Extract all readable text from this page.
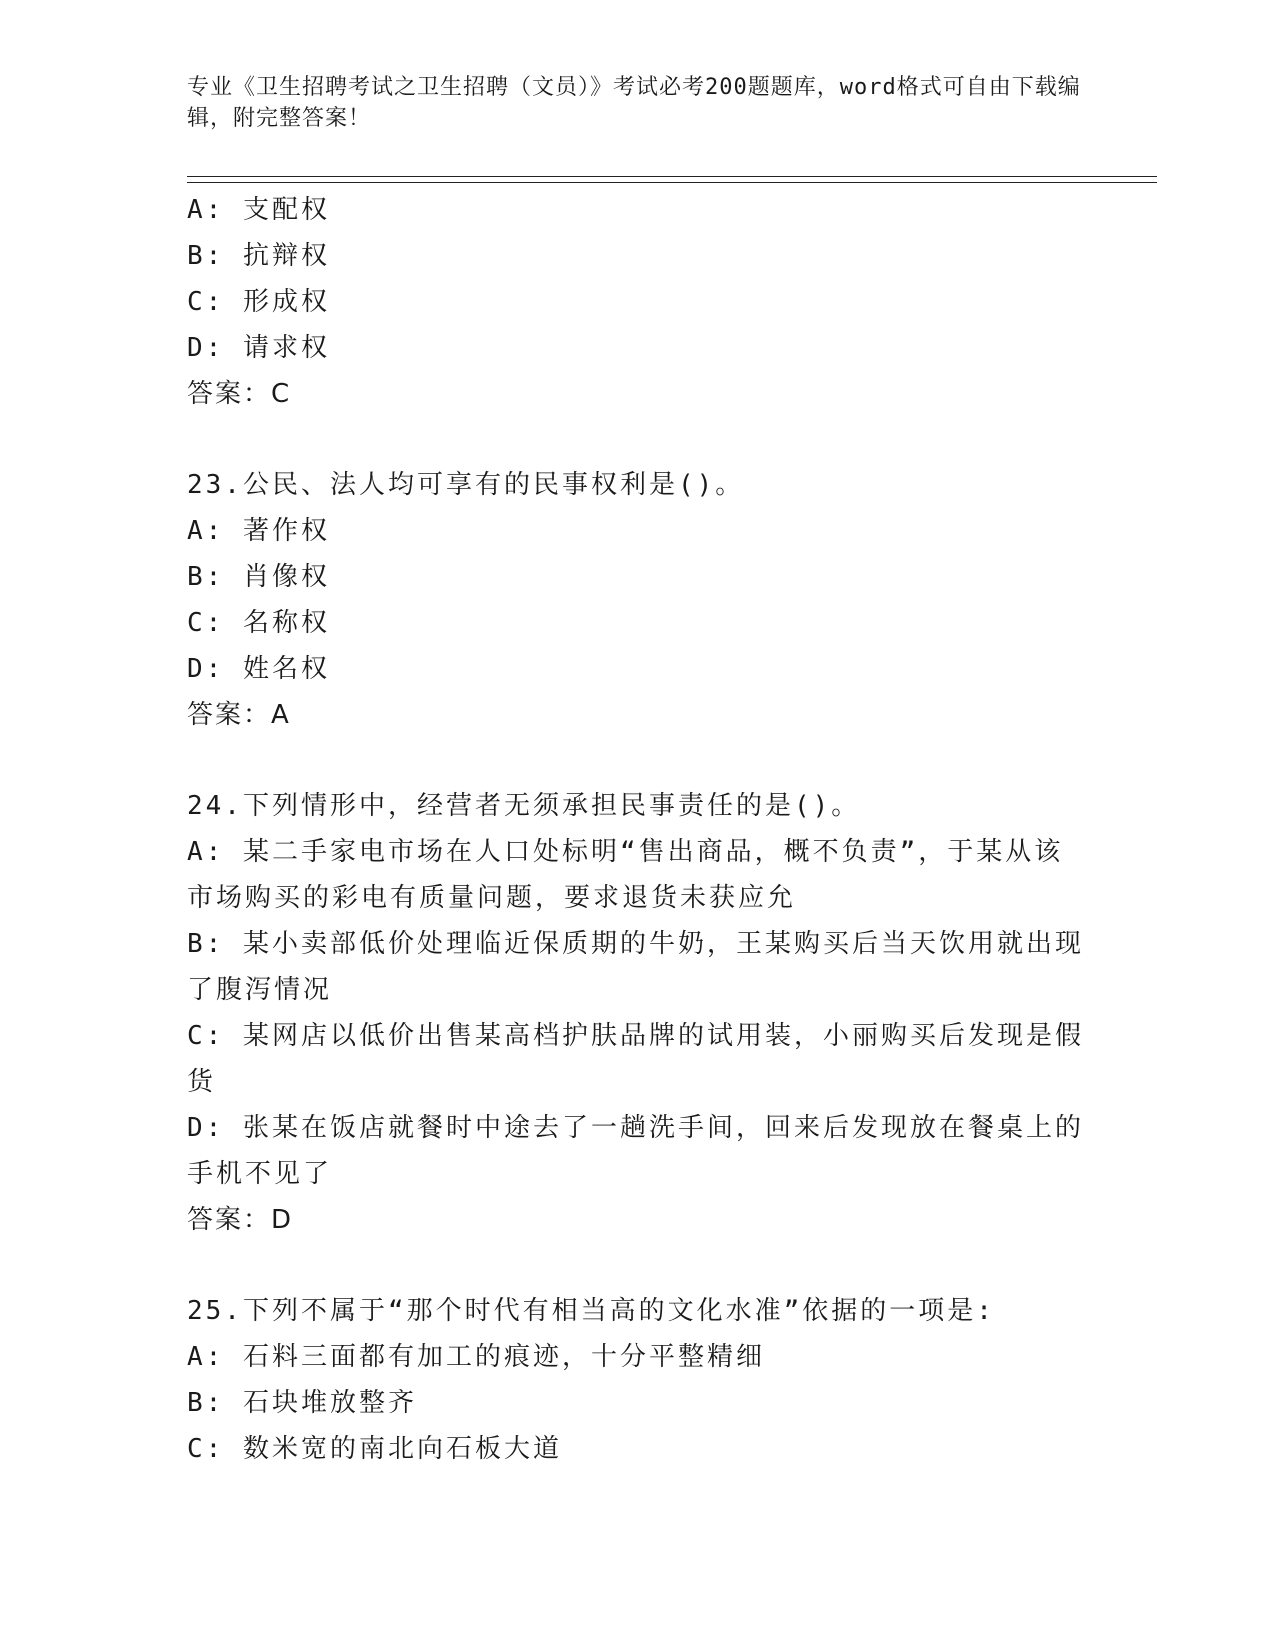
专业《卫生招聘考试之卫生招聘（文员）》考试必考200题题库，word格式可自由下载编辑，附完整答案！

A: 支配权

B: 抗辩权

C: 形成权

D: 请求权

答案：C

23.公民、法人均可享有的民事权利是()。

A: 著作权

B: 肖像权

C: 名称权

D: 姓名权

答案：A

24.下列情形中，经营者无须承担民事责任的是()。

A: 某二手家电市场在人口处标明“售出商品，概不负责”，于某从该市场购买的彩电有质量问题，要求退货未获应允

B: 某小卖部低价处理临近保质期的牛奶，王某购买后当天饮用就出现了腹泻情况

C: 某网店以低价出售某高档护肤品牌的试用装，小丽购买后发现是假货

D: 张某在饭店就餐时中途去了一趟洗手间，回来后发现放在餐桌上的手机不见了

答案：D

25.下列不属于“那个时代有相当高的文化水准”依据的一项是:

A: 石料三面都有加工的痕迹，十分平整精细

B: 石块堆放整齐

C: 数米宽的南北向石板大道
